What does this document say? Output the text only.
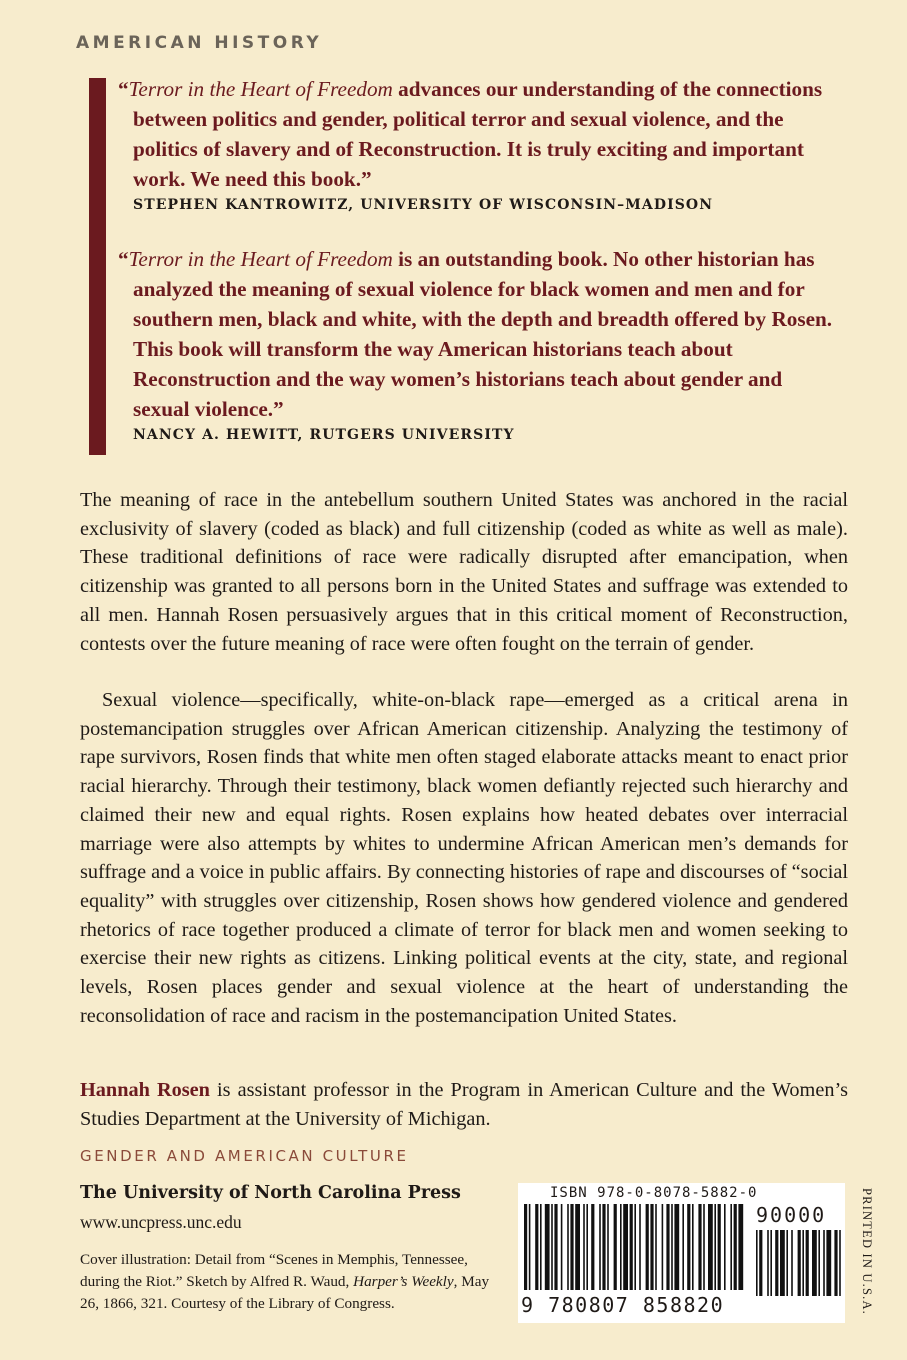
AMERICAN HISTORY

“Terror in the Heart of Freedom advances our understanding of the connections between politics and gender, political terror and sexual violence, and the politics of slavery and of Reconstruction. It is truly exciting and important work. We need this book.”

STEPHEN KANTROWITZ, UNIVERSITY OF WISCONSIN–MADISON

“Terror in the Heart of Freedom is an outstanding book. No other historian has analyzed the meaning of sexual violence for black women and men and for southern men, black and white, with the depth and breadth offered by Rosen. This book will transform the way American historians teach about Reconstruction and the way women’s historians teach about gender and sexual violence.”

NANCY A. HEWITT, RUTGERS UNIVERSITY

The meaning of race in the antebellum southern United States was anchored in the racial exclusivity of slavery (coded as black) and full citizenship (coded as white as well as male). These traditional definitions of race were radically disrupted after emancipation, when citizenship was granted to all persons born in the United States and suffrage was extended to all men. Hannah Rosen persuasively argues that in this critical moment of Reconstruction, contests over the future meaning of race were often fought on the terrain of gender.

Sexual violence—specifically, white-on-black rape—emerged as a critical arena in postemancipation struggles over African American citizenship. Analyzing the testimony of rape survivors, Rosen finds that white men often staged elaborate attacks meant to enact prior racial hierarchy. Through their testimony, black women defiantly rejected such hierarchy and claimed their new and equal rights. Rosen explains how heated debates over interracial marriage were also attempts by whites to undermine African American men’s demands for suffrage and a voice in public affairs. By connecting histories of rape and discourses of “social equality” with struggles over citizenship, Rosen shows how gendered violence and gendered rhetorics of race together produced a climate of terror for black men and women seeking to exercise their new rights as citizens. Linking political events at the city, state, and regional levels, Rosen places gender and sexual violence at the heart of understanding the reconsolidation of race and racism in the postemancipation United States.

Hannah Rosen is assistant professor in the Program in American Culture and the Women’s Studies Department at the University of Michigan.

GENDER AND AMERICAN CULTURE

The University of North Carolina Press

www.uncpress.unc.edu

Cover illustration: Detail from “Scenes in Memphis, Tennessee, during the Riot.” Sketch by Alfred R. Waud, Harper’s Weekly, May 26, 1866, 321. Courtesy of the Library of Congress.

ISBN 978-0-8078-5882-0

9 780807 858820

90000	PRINTED IN U.S.A.
